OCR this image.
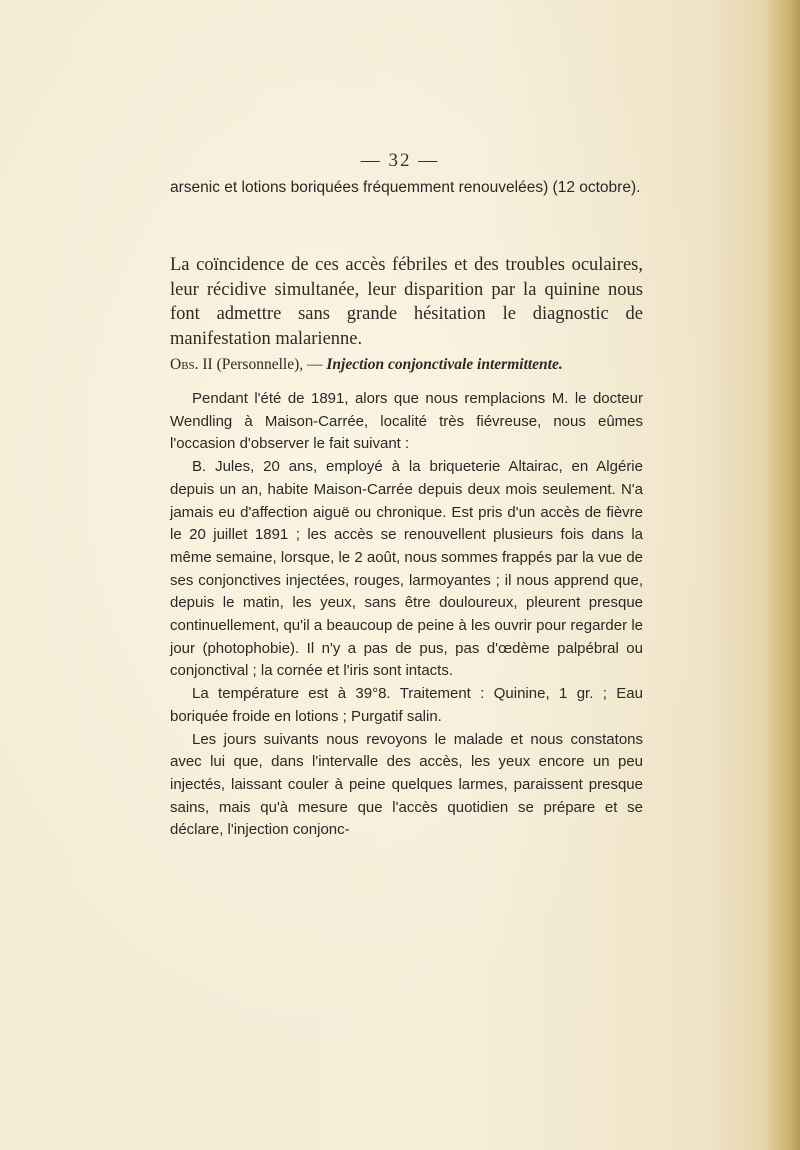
— 32 —
arsenic et lotions boriquées fréquemment renouvelées) (12 octobre).
La coïncidence de ces accès fébriles et des troubles oculaires, leur récidive simultanée, leur disparition par la quinine nous font admettre sans grande hésitation le diagnostic de manifestation malarienne.
Obs. II (Personnelle), — Injection conjonctivale intermittente.

Pendant l'été de 1891, alors que nous remplacions M. le docteur Wendling à Maison-Carrée, localité très fiévreuse, nous eûmes l'occasion d'observer le fait suivant :

B. Jules, 20 ans, employé à la briqueterie Altairac, en Algérie depuis un an, habite Maison-Carrée depuis deux mois seulement. N'a jamais eu d'affection aiguë ou chronique. Est pris d'un accès de fièvre le 20 juillet 1891 ; les accès se renouvellent plusieurs fois dans la même semaine, lorsque, le 2 août, nous sommes frappés par la vue de ses conjonctives injectées, rouges, larmoyantes ; il nous apprend que, depuis le matin, les yeux, sans être douloureux, pleurent presque continuellement, qu'il a beaucoup de peine à les ouvrir pour regarder le jour (photophobie). Il n'y a pas de pus, pas d'œdème palpébral ou conjonctival ; la cornée et l'iris sont intacts.

La température est à 39°8. Traitement : Quinine, 1 gr. ; Eau boriquée froide en lotions ; Purgatif salin.

Les jours suivants nous revoyons le malade et nous constatons avec lui que, dans l'intervalle des accès, les yeux encore un peu injectés, laissant couler à peine quelques larmes, paraissent presque sains, mais qu'à mesure que l'accès quotidien se prépare et se déclare, l'injection conjonc-
